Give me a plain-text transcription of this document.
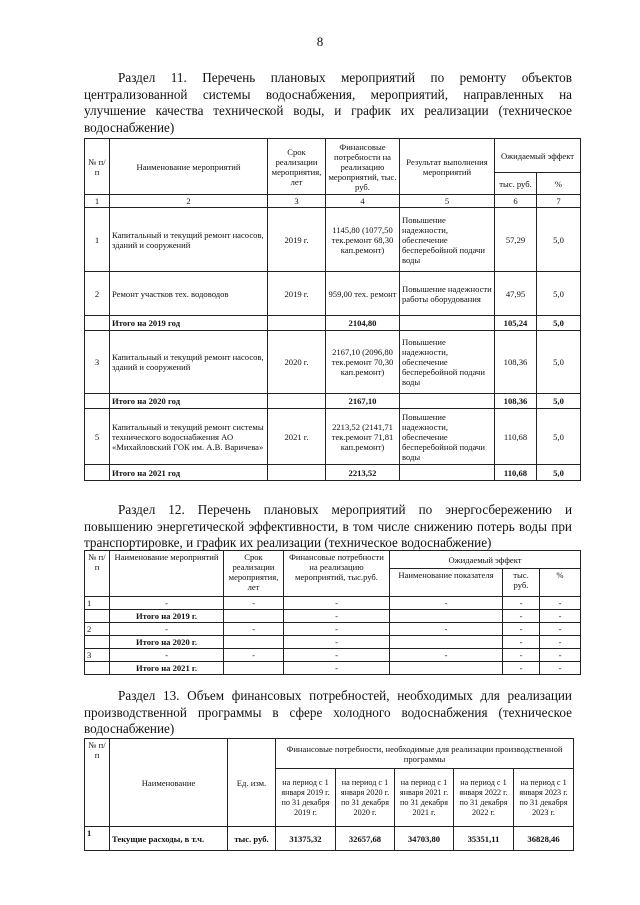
8
Раздел 11. Перечень плановых мероприятий по ремонту объектов централизованной системы водоснабжения, мероприятий, направленных на улучшение качества технической воды, и график их реализации (техническое водоснабжение)
№ п/п	Наименование мероприятий	Срок реализации мероприятия, лет	Финансовые потребности на реализацию мероприятий, тыс. руб.	Результат выполнения мероприятий	Ожидаемый эффект	
					тыс. руб.	%
1	2	3	4	5	6	7
1	Капитальный и текущий ремонт насосов, зданий и сооружений	2019 г.	1145,80 (1077,50 тек.ремонт 68,30 кап.ремонт)	Повышение надежности, обеспечение бесперебойной подачи воды	57,29	5,0
2	Ремонт участков тех. водоводов	2019 г.	959,00 тех. ремонт	Повышение надежности работы оборудования	47,95	5,0
	Итого на 2019 год		2104,80		105,24	5,0
3	Капитальный и текущий ремонт насосов, зданий и сооружений	2020 г.	2167,10 (2096,80 тек.ремонт 70,30 кап.ремонт)	Повышение надежности, обеспечение бесперебойной подачи воды	108,36	5,0
	Итого на 2020 год		2167,10		108,36	5,0
5	Капитальный и текущий ремонт системы технического водоснабжения АО «Михайловский ГОК им. А.В. Варичева»	2021 г.	2213,52 (2141,71 тек.ремонт 71,81 кап.ремонт)	Повышение надежности, обеспечение бесперебойной подачи воды	110,68	5,0
	Итого на 2021 год		2213,52		110,68	5,0
Раздел 12. Перечень плановых мероприятий по энергосбережению и повышению энергетической эффективности, в том числе снижению потерь воды при транспортировке, и график их реализации (техническое водоснабжение)
№ п/п	Наименование мероприятий	Срок реализации мероприятия, лет	Финансовые потребности на реализацию мероприятий, тыс.руб.	Ожидаемый эффект		
				Наименование показателя	тыс. руб.	%
1	-	-	-	-	-	-
	Итого на 2019 г.		-		-	-
2	-	-	-	-	-	-
	Итого на 2020 г.		-		-	-
3	-	-	-	-	-	-
	Итого на 2021 г.		-		-	-
Раздел 13. Объем финансовых потребностей, необходимых для реализации производственной программы в сфере холодного водоснабжения (техническое водоснабжение)
№ п/п	Наименование	Ед. изм.	Финансовые потребности, необходимые для реализации производственной программы				
			на период с 1 января 2019 г. по 31 декабря 2019 г.	на период с 1 января 2020 г. по 31 декабря 2020 г.	на период с 1 января 2021 г. по 31 декабря 2021 г.	на период с 1 января 2022 г. по 31 декабря 2022 г.	на период с 1 января 2023 г. по 31 декабря 2023 г.
1	Текущие расходы, в т.ч.	тыс. руб.	31375,32	32657,68	34703,80	35351,11	36828,46
